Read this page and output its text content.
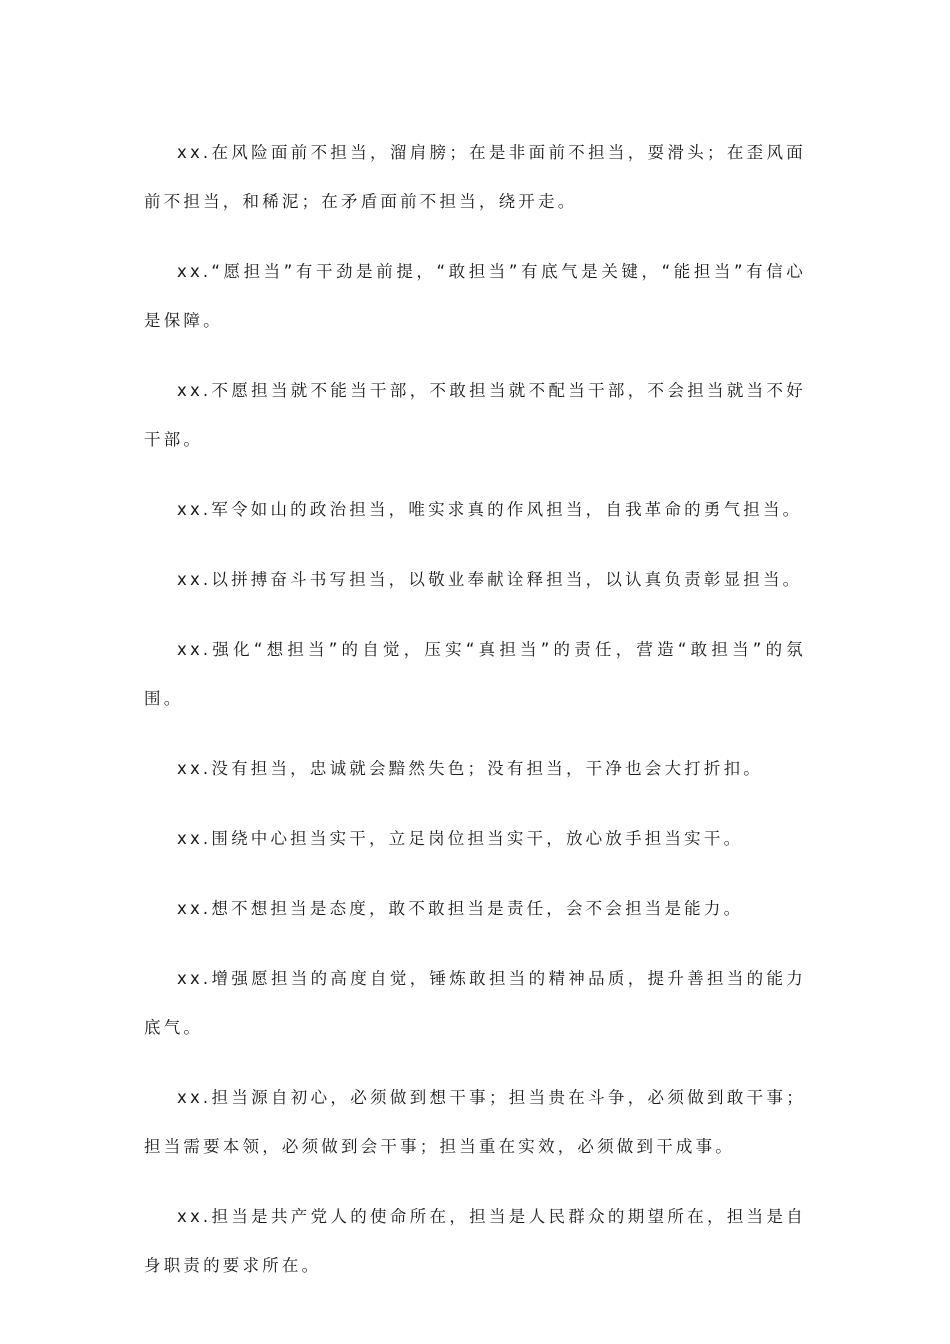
xx.在风险面前不担当，溜肩膀；在是非面前不担当，耍滑头；在歪风面前不担当，和稀泥；在矛盾面前不担当，绕开走。

xx.“愿担当”有干劲是前提，“敢担当”有底气是关键，“能担当”有信心是保障。

xx.不愿担当就不能当干部，不敢担当就不配当干部，不会担当就当不好干部。

xx.军令如山的政治担当，唯实求真的作风担当，自我革命的勇气担当。

xx.以拼搏奋斗书写担当，以敬业奉献诠释担当，以认真负责彰显担当。

xx.强化“想担当”的自觉，压实“真担当”的责任，营造“敢担当”的氛围。

xx.没有担当，忠诚就会黯然失色；没有担当，干净也会大打折扣。

xx.围绕中心担当实干，立足岗位担当实干，放心放手担当实干。

xx.想不想担当是态度，敢不敢担当是责任，会不会担当是能力。

xx.增强愿担当的高度自觉，锤炼敢担当的精神品质，提升善担当的能力底气。

xx.担当源自初心，必须做到想干事；担当贵在斗争，必须做到敢干事；担当需要本领，必须做到会干事；担当重在实效，必须做到干成事。

xx.担当是共产党人的使命所在，担当是人民群众的期望所在，担当是自身职责的要求所在。
